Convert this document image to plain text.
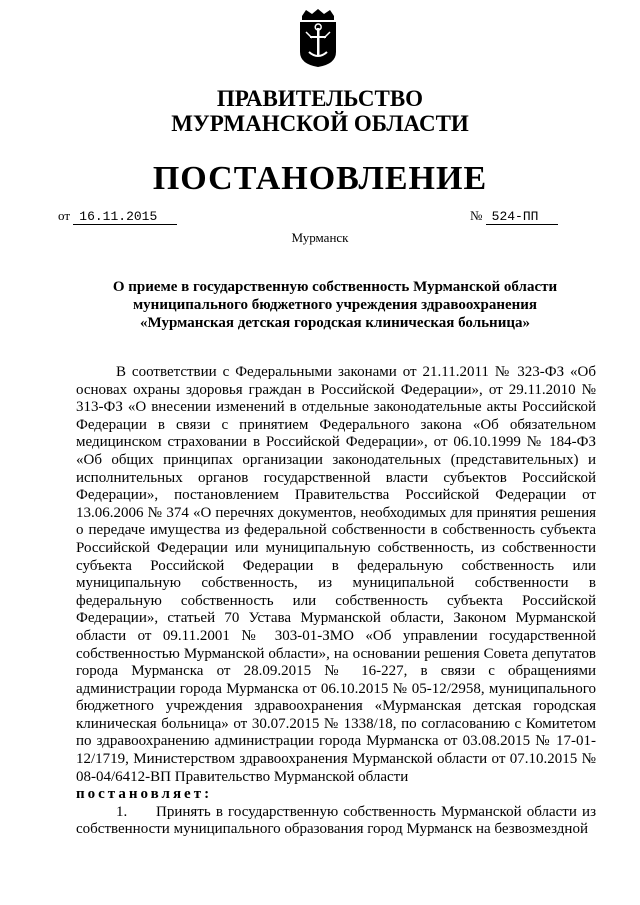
ПРАВИТЕЛЬСТВО
МУРМАНСКОЙ ОБЛАСТИ
ПОСТАНОВЛЕНИЕ
от 16.11.2015	№ 524-ПП
Мурманск
О приеме в государственную собственность Мурманской области
муниципального бюджетного учреждения здравоохранения
«Мурманская детская городская клиническая больница»

В соответствии с Федеральными законами от 21.11.2011 № 323-ФЗ «Об основах охраны здоровья граждан в Российской Федерации», от 29.11.2010 № 313-ФЗ «О внесении изменений в отдельные законодательные акты Российской Федерации в связи с принятием Федерального закона «Об обязательном медицинском страховании в Российской Федерации», от 06.10.1999 № 184-ФЗ «Об общих принципах организации законодательных (представительных) и исполнительных органов государственной власти субъектов Российской Федерации», постановлением Правительства Российской Федерации от 13.06.2006 № 374 «О перечнях документов, необходимых для принятия решения о передаче имущества из федеральной собственности в собственность субъекта Российской Федерации или муниципальную собственность, из собственности субъекта Российской Федерации в федеральную собственность или муниципальную собственность, из муниципальной собственности в федеральную собственность или собственность субъекта Российской Федерации», статьей 70 Устава Мурманской области, Законом Мурманской области от 09.11.2001 № 303-01-ЗМО «Об управлении государственной собственностью Мурманской области», на основании решения Совета депутатов города Мурманска от 28.09.2015 № 16-227, в связи с обращениями администрации города Мурманска от 06.10.2015 № 05-12/2958, муниципального бюджетного учреждения здравоохранения «Мурманская детская городская клиническая больница» от 30.07.2015 № 1338/18, по согласованию с Комитетом по здравоохранению администрации города Мурманска от 03.08.2015 № 17-01-12/1719, Министерством здравоохранения Мурманской области от 07.10.2015 № 08-04/6412-ВП Правительство Мурманской области

постановляет:

1. Принять в государственную собственность Мурманской области из собственности муниципального образования город Мурманск на безвозмездной
